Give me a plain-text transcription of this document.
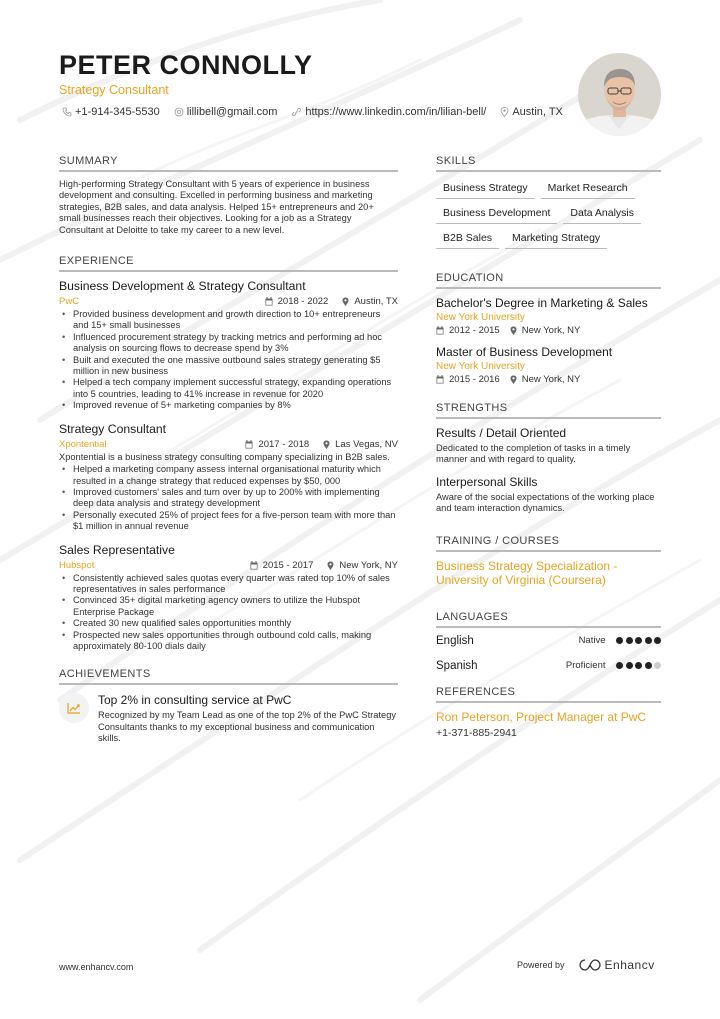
PETER CONNOLLY
Strategy Consultant
+1-914-345-5530 lillibell@gmail.com	https://www.linkedin.com/in/lilian-bell/ Austin, TX
SUMMARY
High-performing Strategy Consultant with 5 years of experience in business development and consulting. Excelled in performing business and marketing strategies, B2B sales, and data analysis. Helped 15+ entrepreneurs and 20+ small businesses reach their objectives. Looking for a job as a Strategy Consultant at Deloitte to take my career to a new level.
EXPERIENCE
Business Development & Strategy Consultant
PwC	2018 - 2022	Austin, TX
• Provided business development and growth direction to 10+ entrepreneurs and 15+ small businesses
• Influenced procurement strategy by tracking metrics and performing ad hoc analysis on sourcing flows to decrease spend by 3%
• Built and executed the one massive outbound sales strategy generating $5 million in new business
• Helped a tech company implement successful strategy, expanding operations into 5 countries, leading to 41% increase in revenue for 2020
• Improved revenue of 5+ marketing companies by 8%
Strategy Consultant
Xpontential	2017 - 2018	Las Vegas, NV
Xpontential is a business strategy consulting company specializing in B2B sales.
• Helped a marketing company assess internal organisational maturity which resulted in a change strategy that reduced expenses by $50, 000
• Improved customers' sales and turn over by up to 200% with implementing deep data analysis and strategy development
• Personally executed 25% of project fees for a five-person team with more than $1 million in annual revenue
Sales Representative
Hubspot	2015 - 2017	New York, NY
• Consistently achieved sales quotas every quarter was rated top 10% of sales representatives in sales performance
• Convinced 35+ digital marketing agency owners to utilize the Hubspot Enterprise Package
• Created 30 new qualified sales opportunities monthly
• Prospected new sales opportunities through outbound cold calls, making approximately 80-100 dials daily
ACHIEVEMENTS
Top 2% in consulting service at PwC
Recognized by my Team Lead as one of the top 2% of the PwC Strategy Consultants thanks to my exceptional business and communication skills.
SKILLS
Business Strategy	Market Research
Business Development	Data Analysis
B2B Sales	Marketing Strategy
EDUCATION
Bachelor's Degree in Marketing & Sales
New York University
2012 - 2015 New York, NY
Master of Business Development
New York University
2015 - 2016 New York, NY
STRENGTHS
Results / Detail Oriented
Dedicated to the completion of tasks in a timely manner and with regard to quality.
Interpersonal Skills
Aware of the social expectations of the working place and team interaction dynamics.
TRAINING / COURSES
Business Strategy Specialization - University of Virginia (Coursera)
LANGUAGES
English	Native
Spanish	Proficient
REFERENCES
Ron Peterson, Project Manager at PwC
+1-371-885-2941
www.enhancv.com	Powered by	Enhancv
